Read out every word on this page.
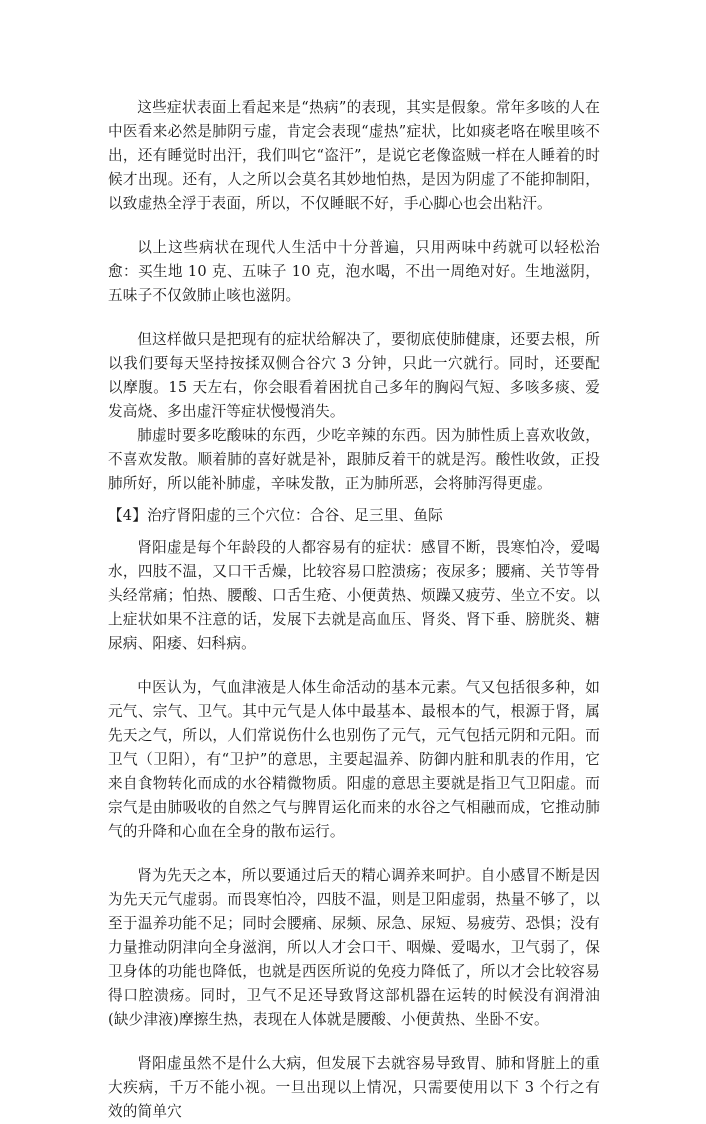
这些症状表面上看起来是“热病”的表现，其实是假象。常年多咳的人在中医看来必然是肺阴亏虚，肯定会表现“虚热”症状，比如痰老咯在喉里咳不出，还有睡觉时出汗，我们叫它“盗汗”，是说它老像盗贼一样在人睡着的时候才出现。还有，人之所以会莫名其妙地怕热，是因为阴虚了不能抑制阳，以致虚热全浮于表面，所以，不仅睡眠不好，手心脚心也会出粘汗。

以上这些病状在现代人生活中十分普遍，只用两味中药就可以轻松治愈：买生地 10 克、五味子 10 克，泡水喝，不出一周绝对好。生地滋阴，五味子不仅敛肺止咳也滋阴。

但这样做只是把现有的症状给解决了，要彻底使肺健康，还要去根，所以我们要每天坚持按揉双侧合谷穴 3 分钟，只此一穴就行。同时，还要配以摩腹。15 天左右，你会眼看着困扰自己多年的胸闷气短、多咳多痰、爱发高烧、多出虚汗等症状慢慢消失。

肺虚时要多吃酸味的东西，少吃辛辣的东西。因为肺性质上喜欢收敛，不喜欢发散。顺着肺的喜好就是补，跟肺反着干的就是泻。酸性收敛，正投肺所好，所以能补肺虚，辛味发散，正为肺所恶，会将肺泻得更虚。

【4】治疗肾阳虚的三个穴位：合谷、足三里、鱼际

肾阳虚是每个年龄段的人都容易有的症状：感冒不断，畏寒怕冷，爱喝水，四肢不温，又口干舌燥，比较容易口腔溃疡；夜尿多；腰痛、关节等骨头经常痛；怕热、腰酸、口舌生疮、小便黄热、烦躁又疲劳、坐立不安。以上症状如果不注意的话，发展下去就是高血压、肾炎、肾下垂、膀胱炎、糖尿病、阳痿、妇科病。

中医认为，气血津液是人体生命活动的基本元素。气又包括很多种，如元气、宗气、卫气。其中元气是人体中最基本、最根本的气，根源于肾，属先天之气，所以，人们常说伤什么也别伤了元气，元气包括元阴和元阳。而卫气（卫阳），有“卫护”的意思，主要起温养、防御内脏和肌表的作用，它来自食物转化而成的水谷精微物质。阳虚的意思主要就是指卫气卫阳虚。而宗气是由肺吸收的自然之气与脾胃运化而来的水谷之气相融而成，它推动肺气的升降和心血在全身的散布运行。

肾为先天之本，所以要通过后天的精心调养来呵护。自小感冒不断是因为先天元气虚弱。而畏寒怕冷，四肢不温，则是卫阳虚弱，热量不够了，以至于温养功能不足；同时会腰痛、尿频、尿急、尿短、易疲劳、恐惧；没有力量推动阴津向全身滋润，所以人才会口干、咽燥、爱喝水，卫气弱了，保卫身体的功能也降低，也就是西医所说的免疫力降低了，所以才会比较容易得口腔溃疡。同时，卫气不足还导致肾这部机器在运转的时候没有润滑油(缺少津液)摩擦生热，表现在人体就是腰酸、小便黄热、坐卧不安。

肾阳虚虽然不是什么大病，但发展下去就容易导致胃、肺和肾脏上的重大疾病，千万不能小视。一旦出现以上情况，只需要使用以下 3 个行之有效的简单穴
